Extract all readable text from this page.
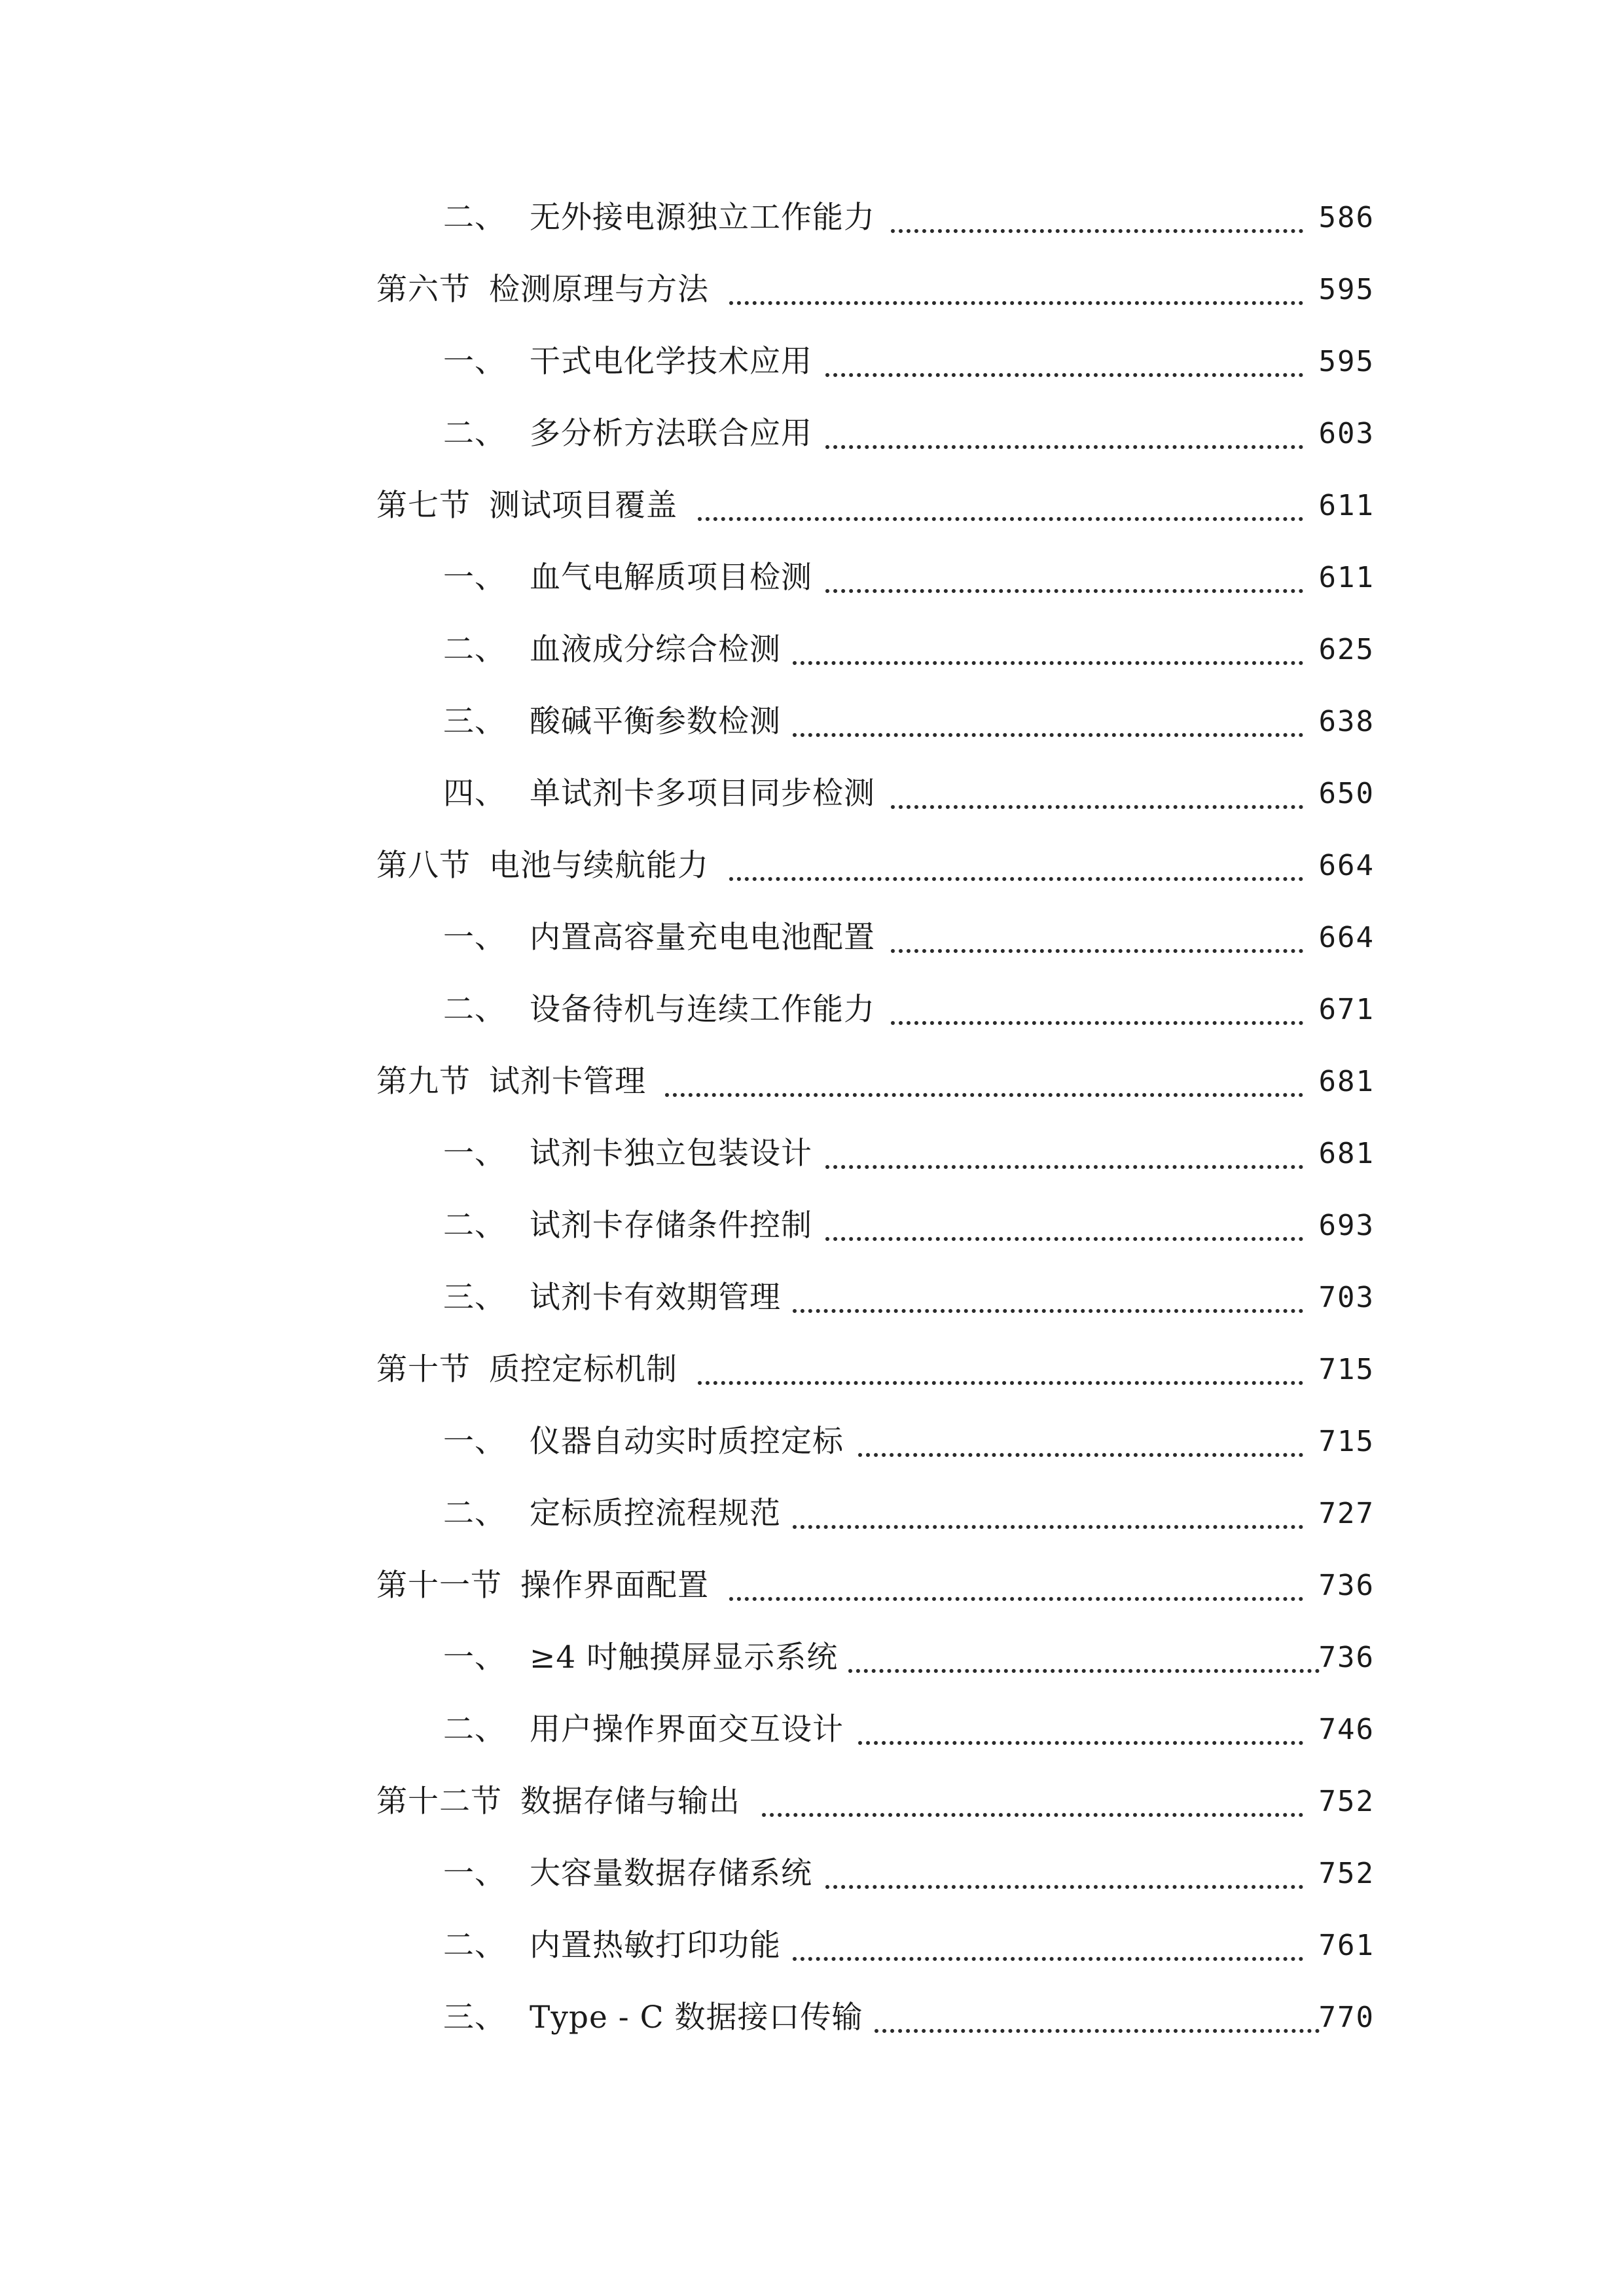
二、 无外接电源独立工作能力	586
第六节 检测原理与方法	595
一、 干式电化学技术应用	595
二、 多分析方法联合应用	603
第七节 测试项目覆盖	611
一、 血气电解质项目检测	611
二、 血液成分综合检测	625
三、 酸碱平衡参数检测	638
四、 单试剂卡多项目同步检测	650
第八节 电池与续航能力	664
一、 内置高容量充电电池配置	664
二、 设备待机与连续工作能力	671
第九节 试剂卡管理	681
一、 试剂卡独立包装设计	681
二、 试剂卡存储条件控制	693
三、 试剂卡有效期管理	703
第十节 质控定标机制	715
一、 仪器自动实时质控定标	715
二、 定标质控流程规范	727
第十一节 操作界面配置	736
一、 ≥4 吋触摸屏显示系统	736
二、 用户操作界面交互设计	746
第十二节 数据存储与输出	752
一、 大容量数据存储系统	752
二、 内置热敏打印功能	761
三、 Type - C 数据接口传输	770
